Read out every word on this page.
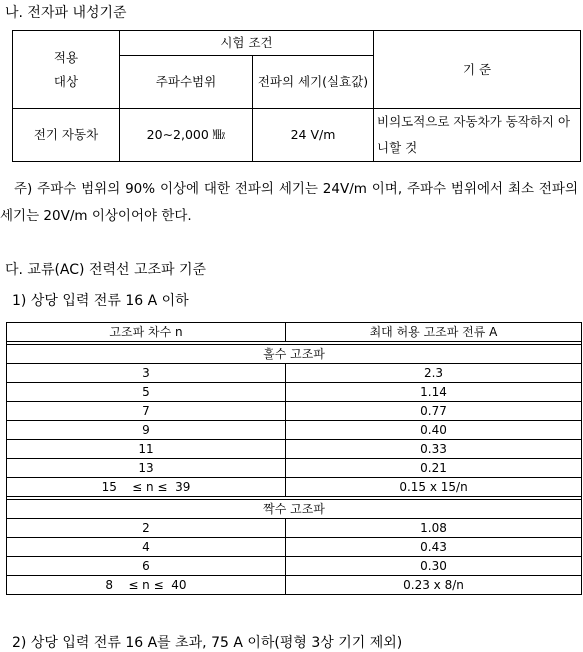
나. 전자파 내성기준
적용
대상	시험 조건		기 준
	주파수범위	전파의 세기(실효값)	
전기 자동차	20∼2,000 ㎒	24 V/m	비의도적으로 자동차가 동작하지 아니할 것
주) 주파수 범위의 90% 이상에 대한 전파의 세기는 24V/m 이며, 주파수 범위에서 최소 전파의 세기는 20V/m 이상이어야 한다.
다. 교류(AC) 전력선 고조파 기준
1) 상당 입력 전류 16 A 이하
고조파 차수 n	최대 허용 고조파 전류 A

홀수 고조파	
3	2.3
5	1.14
7	0.77
9	0.40
11	0.33
13	0.21
15    ≤ n ≤  39	0.15 x 15/n

짝수 고조파	
2	1.08
4	0.43
6	0.30
8    ≤ n ≤  40	0.23 x 8/n
2) 상당 입력 전류 16 A를 초과, 75 A 이하(평형 3상 기기 제외)
